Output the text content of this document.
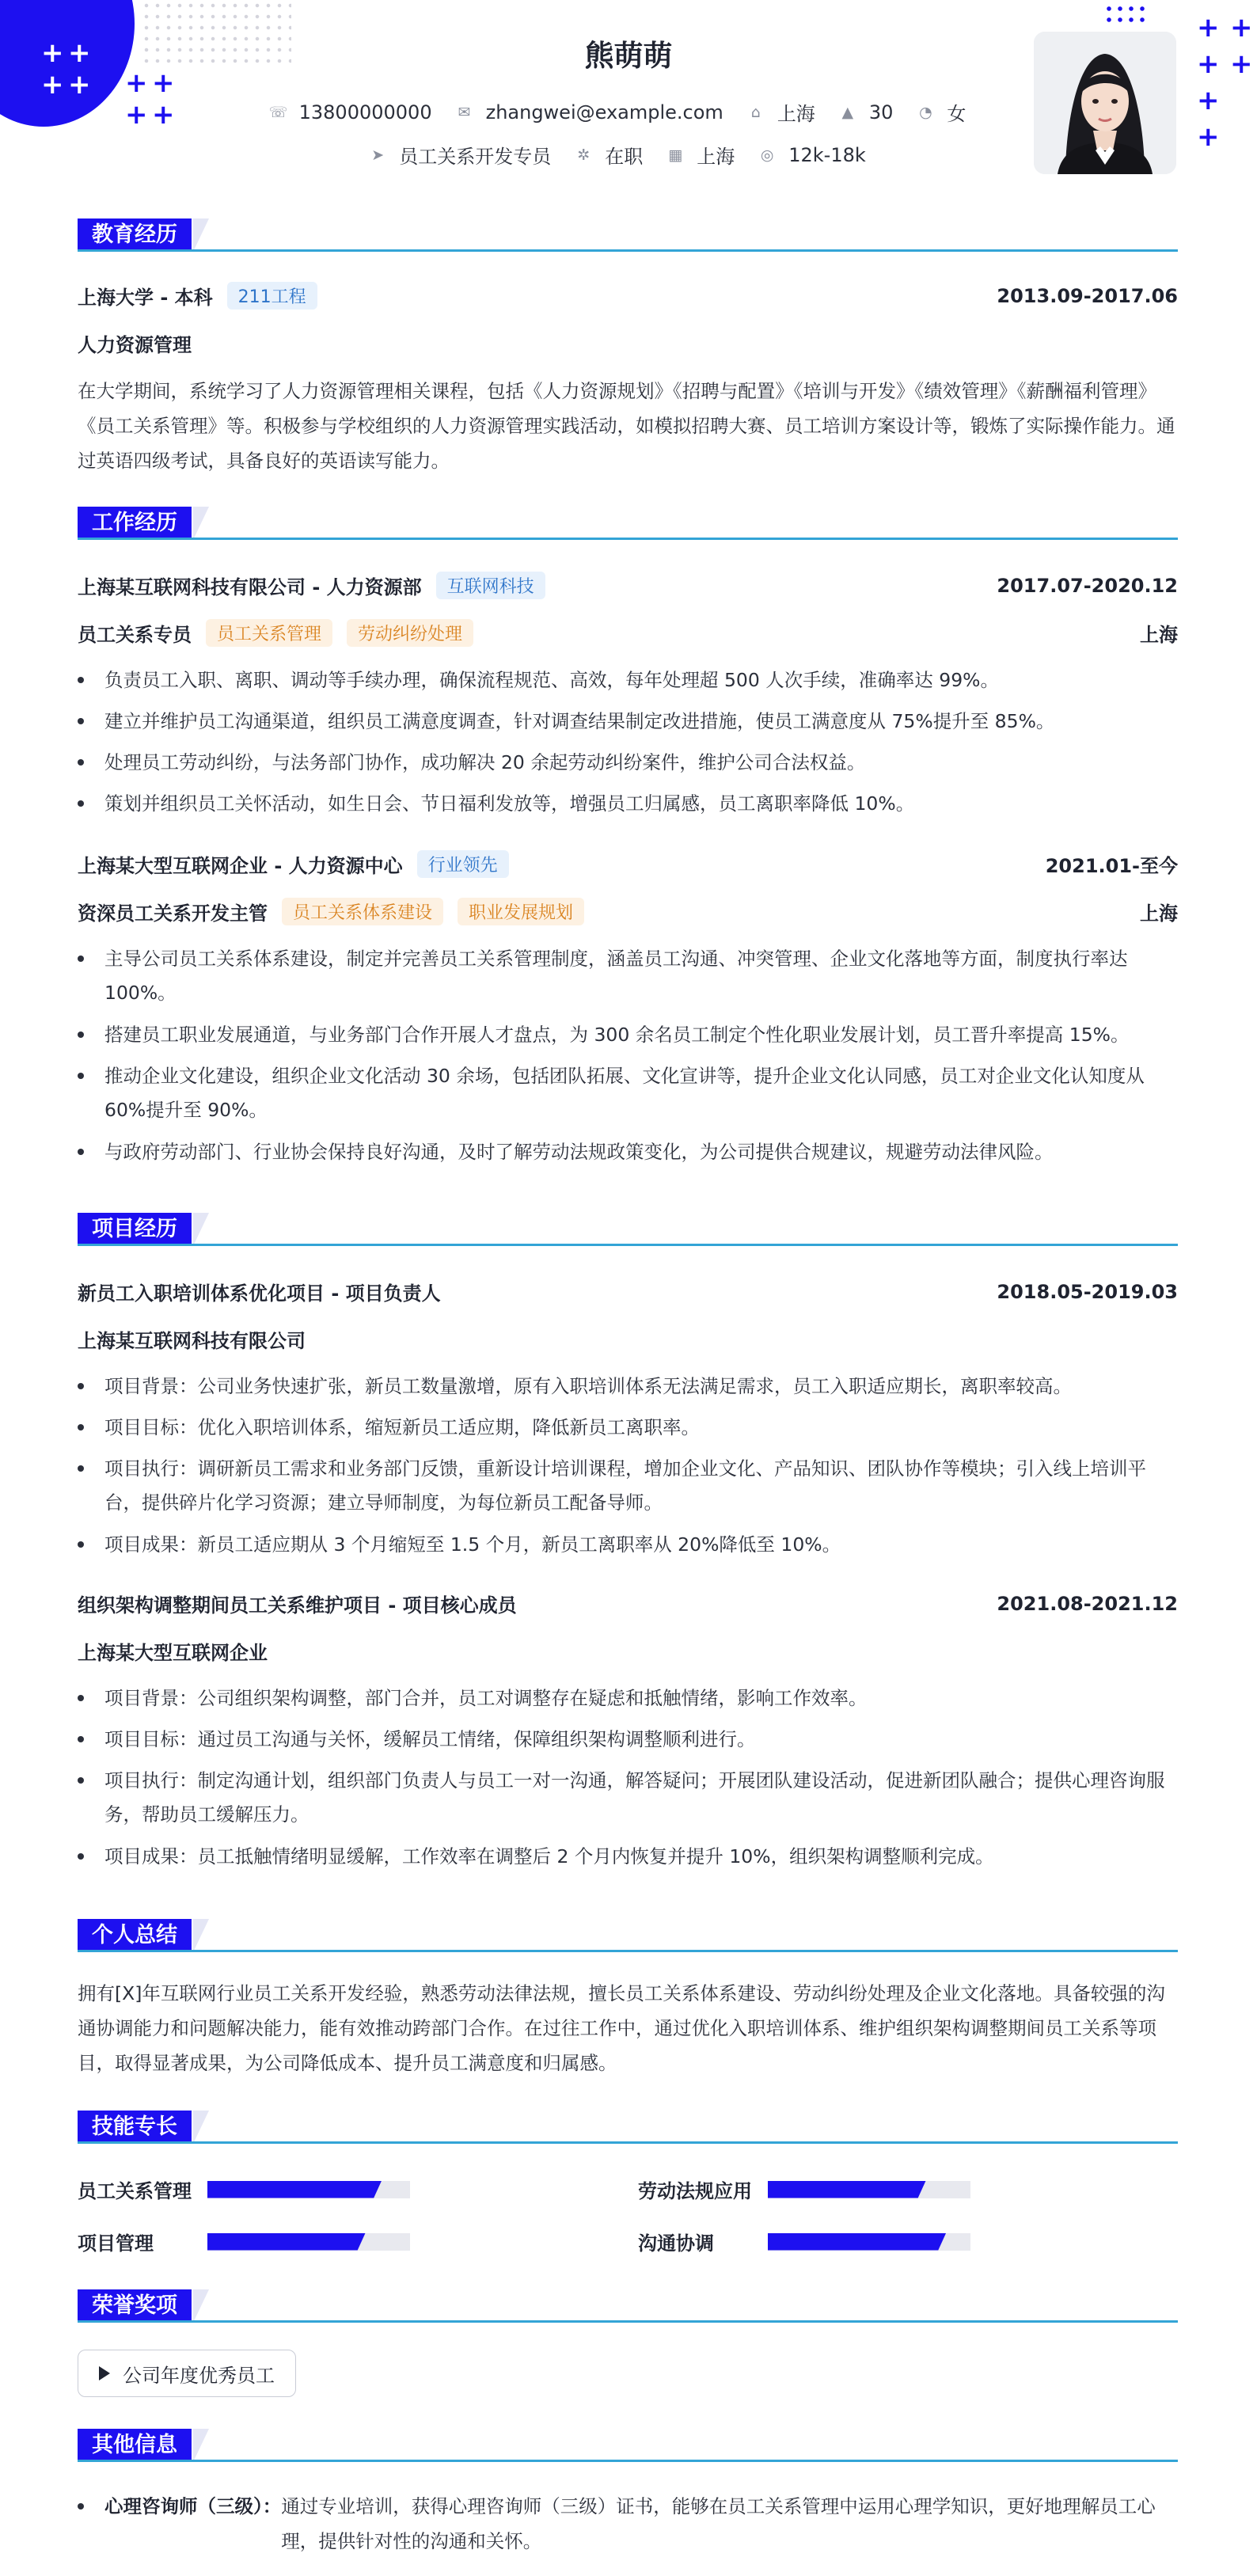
+ +
+ + + +
+ +
+ +
+ +
+
+
熊萌萌
☏ 13800000000 ✉ zhangwei@example.com ⌂ 上海 ▲ 30 ◔ 女
➤ 员工关系开发专员 ✲ 在职 ▦ 上海 ◎ 12k-18k
教育经历
上海大学 - 本科	211工程	2013.09-2017.06
人力资源管理
在大学期间，系统学习了人力资源管理相关课程，包括《人力资源规划》《招聘与配置》《培训与开发》《绩效管理》《薪酬福利管理》《员工关系管理》等。积极参与学校组织的人力资源管理实践活动，如模拟招聘大赛、员工培训方案设计等，锻炼了实际操作能力。通过英语四级考试，具备良好的英语读写能力。
工作经历
上海某互联网科技有限公司 - 人力资源部	互联网科技	2017.07-2020.12
员工关系专员	员工关系管理	劳动纠纷处理	上海
负责员工入职、离职、调动等手续办理，确保流程规范、高效，每年处理超 500 人次手续，准确率达 99%。
建立并维护员工沟通渠道，组织员工满意度调查，针对调查结果制定改进措施，使员工满意度从 75%提升至 85%。
处理员工劳动纠纷，与法务部门协作，成功解决 20 余起劳动纠纷案件，维护公司合法权益。
策划并组织员工关怀活动，如生日会、节日福利发放等，增强员工归属感，员工离职率降低 10%。
上海某大型互联网企业 - 人力资源中心	行业领先	2021.01-至今
资深员工关系开发主管	员工关系体系建设	职业发展规划	上海
主导公司员工关系体系建设，制定并完善员工关系管理制度，涵盖员工沟通、冲突管理、企业文化落地等方面，制度执行率达 100%。
搭建员工职业发展通道，与业务部门合作开展人才盘点，为 300 余名员工制定个性化职业发展计划，员工晋升率提高 15%。
推动企业文化建设，组织企业文化活动 30 余场，包括团队拓展、文化宣讲等，提升企业文化认同感，员工对企业文化认知度从 60%提升至 90%。
与政府劳动部门、行业协会保持良好沟通，及时了解劳动法规政策变化，为公司提供合规建议，规避劳动法律风险。
项目经历
新员工入职培训体系优化项目 - 项目负责人	2018.05-2019.03
上海某互联网科技有限公司
项目背景：公司业务快速扩张，新员工数量激增，原有入职培训体系无法满足需求，员工入职适应期长，离职率较高。
项目目标：优化入职培训体系，缩短新员工适应期，降低新员工离职率。
项目执行：调研新员工需求和业务部门反馈，重新设计培训课程，增加企业文化、产品知识、团队协作等模块；引入线上培训平台，提供碎片化学习资源；建立导师制度，为每位新员工配备导师。
项目成果：新员工适应期从 3 个月缩短至 1.5 个月，新员工离职率从 20%降低至 10%。
组织架构调整期间员工关系维护项目 - 项目核心成员	2021.08-2021.12
上海某大型互联网企业
项目背景：公司组织架构调整，部门合并，员工对调整存在疑虑和抵触情绪，影响工作效率。
项目目标：通过员工沟通与关怀，缓解员工情绪，保障组织架构调整顺利进行。
项目执行：制定沟通计划，组织部门负责人与员工一对一沟通，解答疑问；开展团队建设活动，促进新团队融合；提供心理咨询服务，帮助员工缓解压力。
项目成果：员工抵触情绪明显缓解，工作效率在调整后 2 个月内恢复并提升 10%，组织架构调整顺利完成。
个人总结
拥有[X]年互联网行业员工关系开发经验，熟悉劳动法律法规，擅长员工关系体系建设、劳动纠纷处理及企业文化落地。具备较强的沟通协调能力和问题解决能力，能有效推动跨部门合作。在过往工作中，通过优化入职培训体系、维护组织架构调整期间员工关系等项目，取得显著成果，为公司降低成本、提升员工满意度和归属感。
技能专长
员工关系管理	劳动法规应用
项目管理	沟通协调
荣誉奖项
公司年度优秀员工
其他信息
心理咨询师（三级）： 通过专业培训，获得心理咨询师（三级）证书，能够在员工关系管理中运用心理学知识，更好地理解员工心理，提供针对性的沟通和关怀。
